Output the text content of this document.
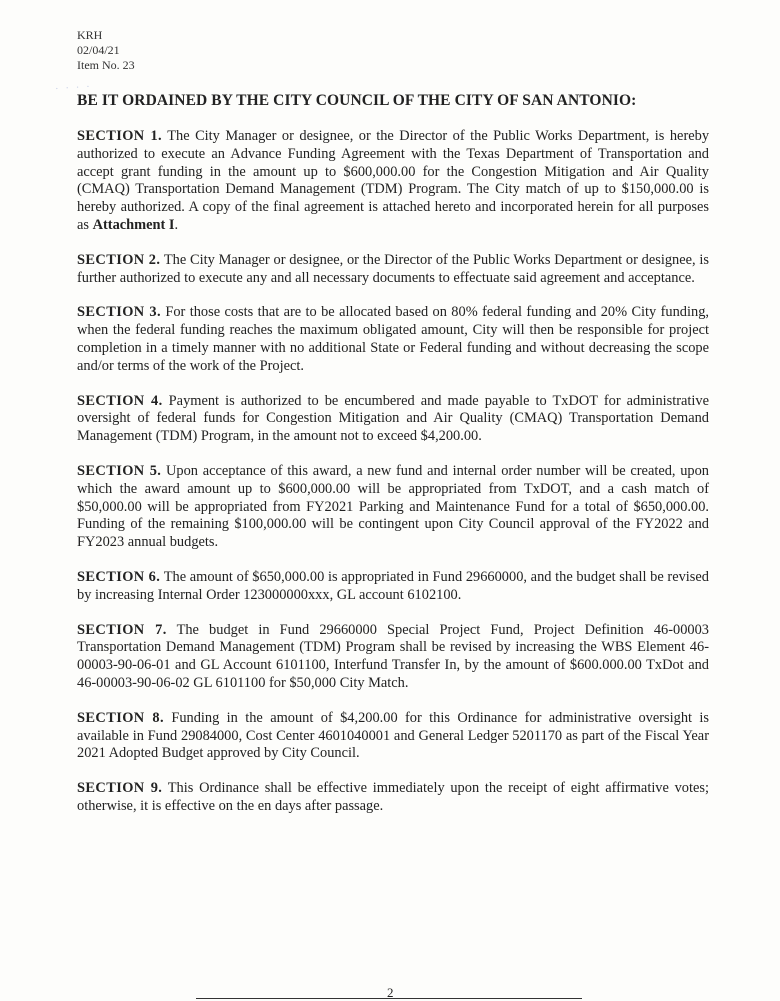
KRH
02/04/21
Item No. 23
· · · ·
BE IT ORDAINED BY THE CITY COUNCIL OF THE CITY OF SAN ANTONIO:

SECTION 1. The City Manager or designee, or the Director of the Public Works Department, is hereby authorized to execute an Advance Funding Agreement with the Texas Department of Transportation and accept grant funding in the amount up to $600,000.00 for the Congestion Mitigation and Air Quality (CMAQ) Transportation Demand Management (TDM) Program. The City match of up to $150,000.00 is hereby authorized. A copy of the final agreement is attached hereto and incorporated herein for all purposes as Attachment I.

SECTION 2. The City Manager or designee, or the Director of the Public Works Department or designee, is further authorized to execute any and all necessary documents to effectuate said agreement and acceptance.

SECTION 3. For those costs that are to be allocated based on 80% federal funding and 20% City funding, when the federal funding reaches the maximum obligated amount, City will then be responsible for project completion in a timely manner with no additional State or Federal funding and without decreasing the scope and/or terms of the work of the Project.

SECTION 4. Payment is authorized to be encumbered and made payable to TxDOT for administrative oversight of federal funds for Congestion Mitigation and Air Quality (CMAQ) Transportation Demand Management (TDM) Program, in the amount not to exceed $4,200.00.

SECTION 5. Upon acceptance of this award, a new fund and internal order number will be created, upon which the award amount up to $600,000.00 will be appropriated from TxDOT, and a cash match of $50,000.00 will be appropriated from FY2021 Parking and Maintenance Fund for a total of $650,000.00. Funding of the remaining $100,000.00 will be contingent upon City Council approval of the FY2022 and FY2023 annual budgets.

SECTION 6. The amount of $650,000.00 is appropriated in Fund 29660000, and the budget shall be revised by increasing Internal Order 123000000xxx, GL account 6102100.

SECTION 7. The budget in Fund 29660000 Special Project Fund, Project Definition 46-00003 Transportation Demand Management (TDM) Program shall be revised by increasing the WBS Element 46-00003-90-06-01 and GL Account 6101100, Interfund Transfer In, by the amount of $600.000.00 TxDot and 46-00003-90-06-02 GL 6101100 for $50,000 City Match.

SECTION 8. Funding in the amount of $4,200.00 for this Ordinance for administrative oversight is available in Fund 29084000, Cost Center 4601040001 and General Ledger 5201170 as part of the Fiscal Year 2021 Adopted Budget approved by City Council.

SECTION 9. This Ordinance shall be effective immediately upon the receipt of eight affirmative votes; otherwise, it is effective on the en days after passage.

2
